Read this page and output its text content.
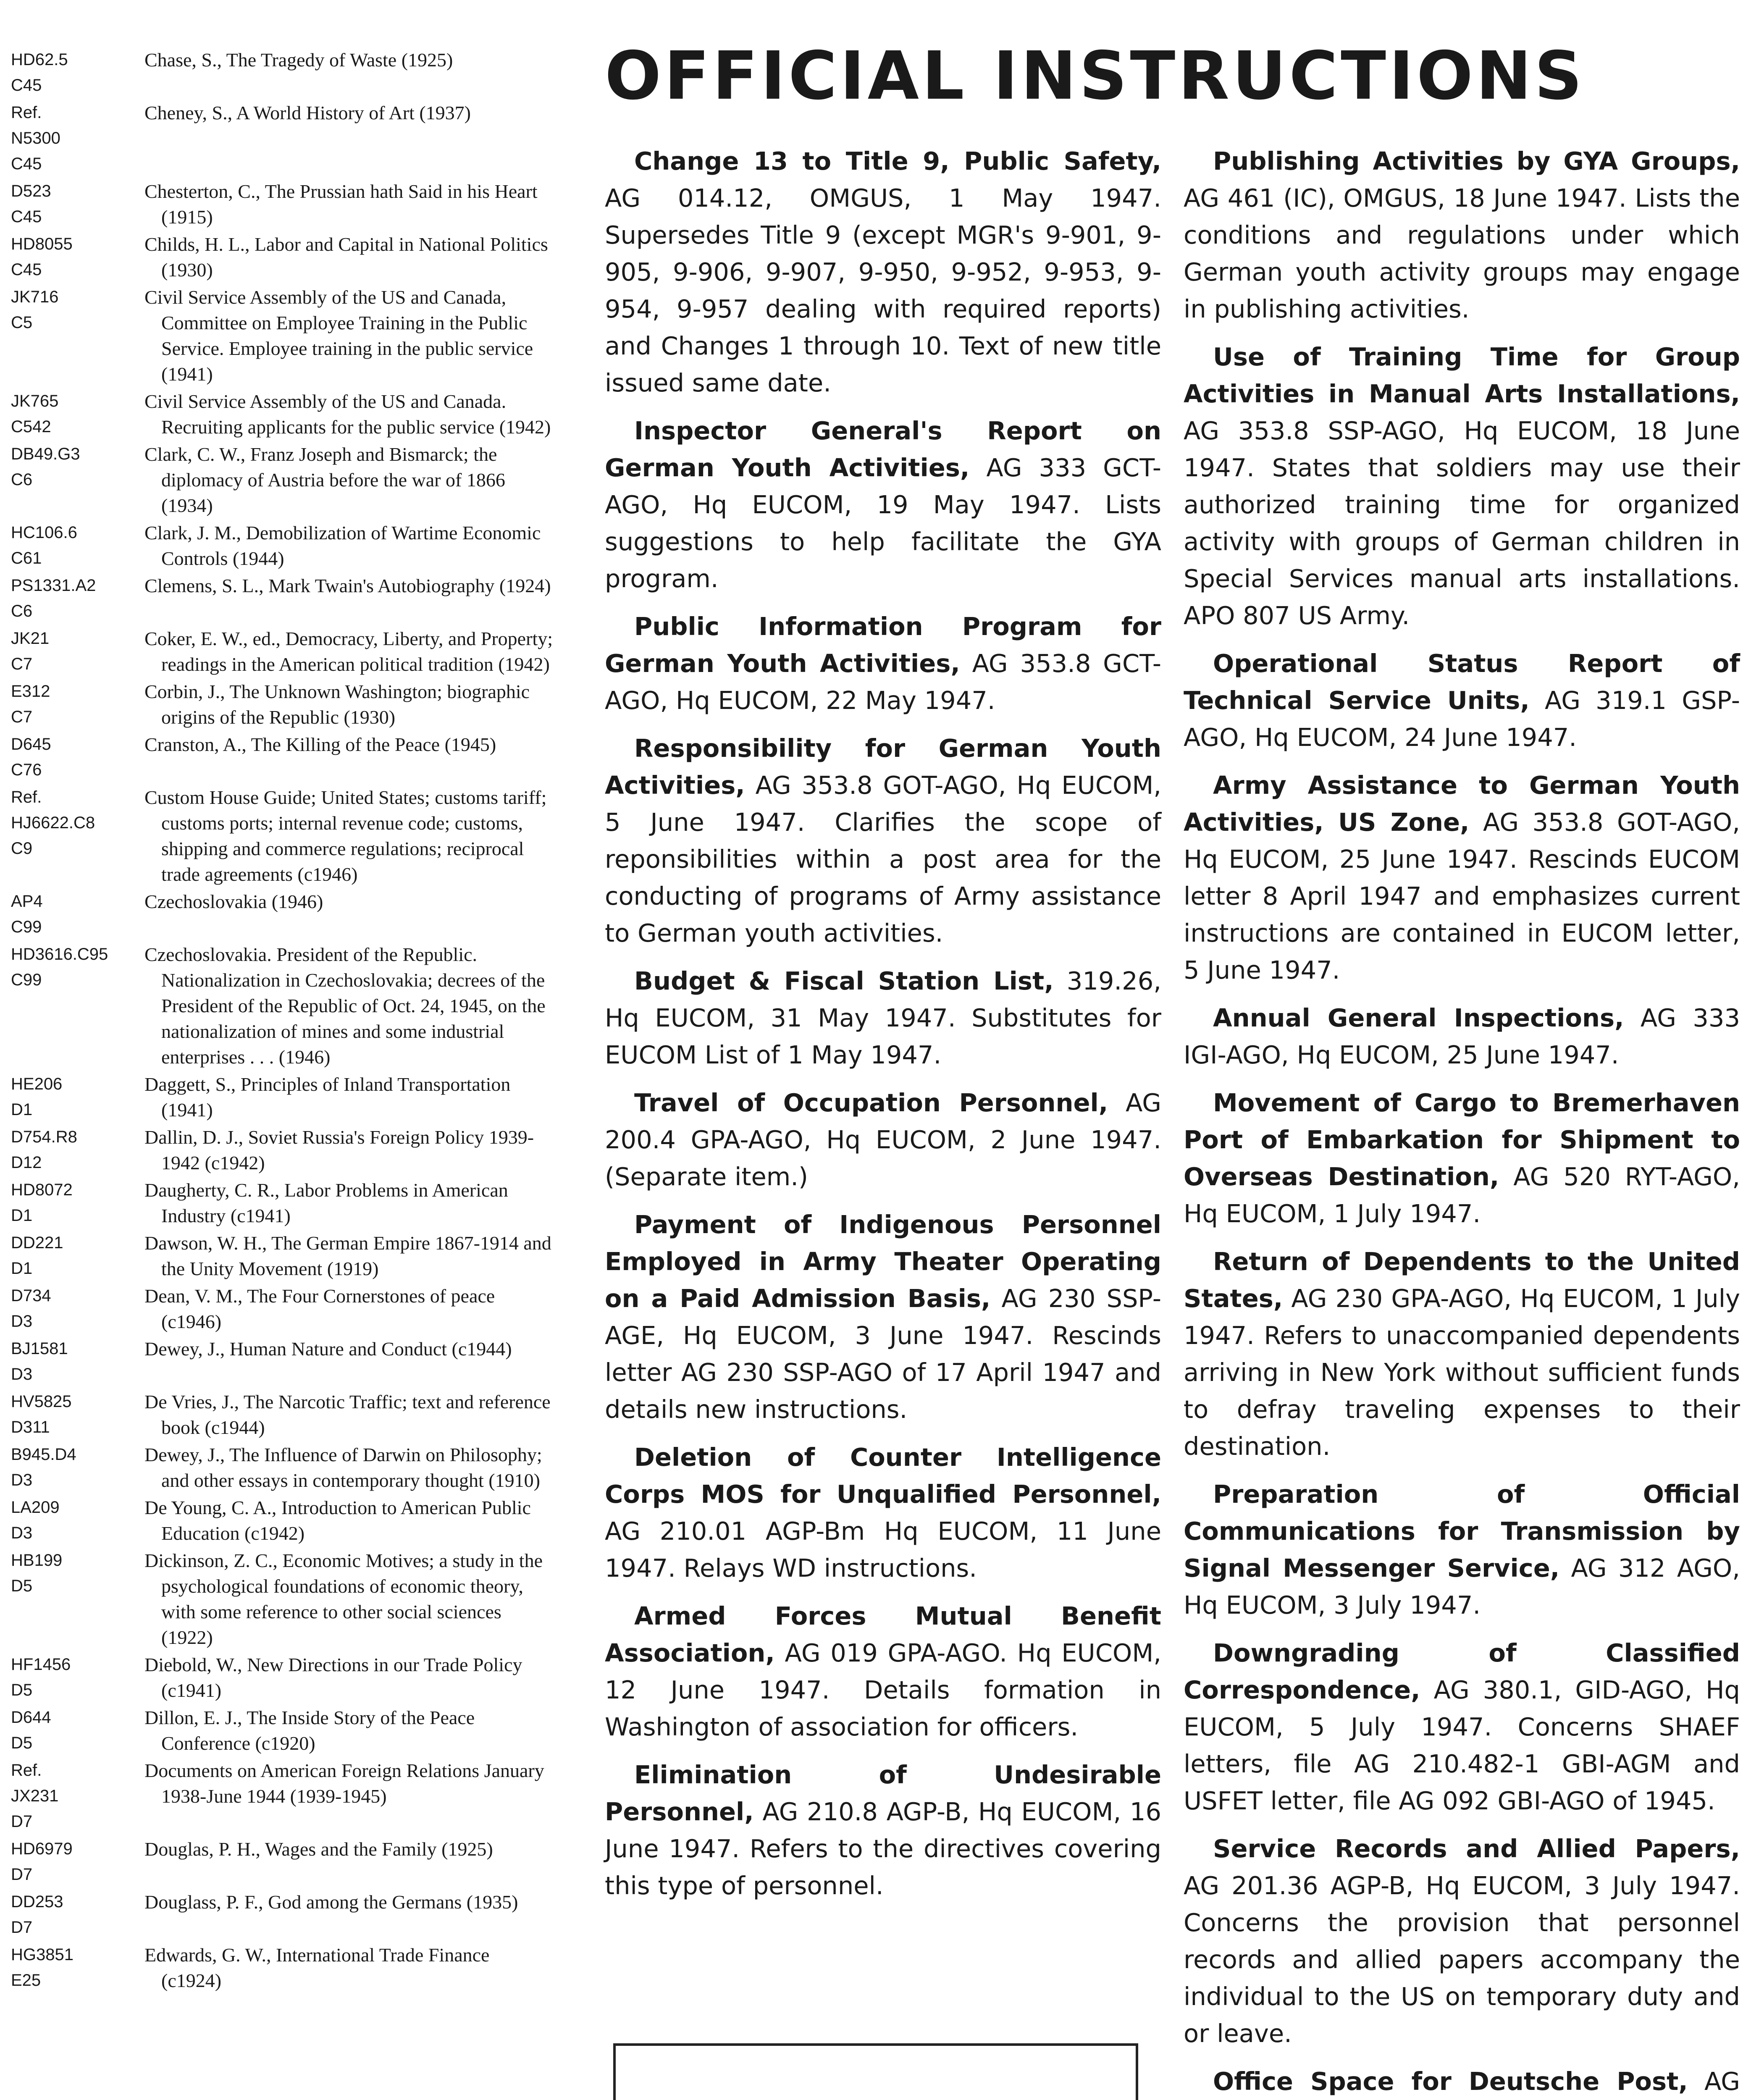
HD62.5
C45
Chase, S., The Tragedy of Waste (1925)
Ref.
N5300
C45
Cheney, S., A World History of Art (1937)
D523
C45
Chesterton, C., The Prussian hath Said in his Heart (1915)
HD8055
C45
Childs, H. L., Labor and Capital in National Politics (1930)
JK716
C5
Civil Service Assembly of the US and Canada, Committee on Employee Training in the Public Service. Employee training in the public service (1941)
JK765
C542
Civil Service Assembly of the US and Canada. Recruiting applicants for the public service (1942)
DB49.G3
C6
Clark, C. W., Franz Joseph and Bismarck; the diplomacy of Austria before the war of 1866 (1934)
HC106.6
C61
Clark, J. M., Demobilization of Wartime Economic Controls (1944)
PS1331.A2
C6
Clemens, S. L., Mark Twain's Autobiography (1924)
JK21
C7
Coker, E. W., ed., Democracy, Liberty, and Property; readings in the American political tradition (1942)
E312
C7
Corbin, J., The Unknown Washington; biographic origins of the Republic (1930)
D645
C76
Cranston, A., The Killing of the Peace (1945)
Ref.
HJ6622.C8
C9
Custom House Guide; United States; customs tariff; customs ports; internal revenue code; customs, shipping and commerce regulations; reciprocal trade agreements (c1946)
AP4
C99
Czechoslovakia (1946)
HD3616.C95
C99
Czechoslovakia. President of the Republic. Nationalization in Czechoslovakia; decrees of the President of the Republic of Oct. 24, 1945, on the nationalization of mines and some industrial enterprises . . . (1946)
HE206
D1
Daggett, S., Principles of Inland Transportation (1941)
D754.R8
D12
Dallin, D. J., Soviet Russia's Foreign Policy 1939-1942 (c1942)
HD8072
D1
Daugherty, C. R., Labor Problems in American Industry (c1941)
DD221
D1
Dawson, W. H., The German Empire 1867-1914 and the Unity Movement (1919)
D734
D3
Dean, V. M., The Four Cornerstones of peace (c1946)
BJ1581
D3
Dewey, J., Human Nature and Conduct (c1944)
HV5825
D311
De Vries, J., The Narcotic Traffic; text and reference book (c1944)
B945.D4
D3
Dewey, J., The Influence of Darwin on Philosophy; and other essays in contemporary thought (1910)
LA209
D3
De Young, C. A., Introduction to American Public Education (c1942)
HB199
D5
Dickinson, Z. C., Economic Motives; a study in the psychological foundations of economic theory, with some reference to other social sciences (1922)
HF1456
D5
Diebold, W., New Directions in our Trade Policy (c1941)
D644
D5
Dillon, E. J., The Inside Story of the Peace Conference (c1920)
Ref.
JX231
D7
Documents on American Foreign Relations January 1938-June 1944 (1939-1945)
HD6979
D7
Douglas, P. H., Wages and the Family (1925)
DD253
D7
Douglass, P. F., God among the Germans (1935)
HG3851
E25
Edwards, G. W., International Trade Finance (c1924)
OFFICIAL INSTRUCTIONS
Change 13 to Title 9, Public Safety, AG 014.12, OMGUS, 1 May 1947. Supersedes Title 9 (except MGR's 9-901, 9-905, 9-906, 9-907, 9-950, 9-952, 9-953, 9-954, 9-957 dealing with required reports) and Changes 1 through 10. Text of new title issued same date.
Inspector General's Report on German Youth Activities, AG 333 GCT-AGO, Hq EUCOM, 19 May 1947. Lists suggestions to help facilitate the GYA program.
Public Information Program for German Youth Activities, AG 353.8 GCT-AGO, Hq EUCOM, 22 May 1947.
Responsibility for German Youth Activities, AG 353.8 GOT-AGO, Hq EUCOM, 5 June 1947. Clarifies the scope of reponsibilities within a post area for the conducting of programs of Army assistance to German youth activities.
Budget & Fiscal Station List, 319.26, Hq EUCOM, 31 May 1947. Substitutes for EUCOM List of 1 May 1947.
Travel of Occupation Personnel, AG 200.4 GPA-AGO, Hq EUCOM, 2 June 1947. (Separate item.)
Payment of Indigenous Personnel Employed in Army Theater Operating on a Paid Admission Basis, AG 230 SSP-AGE, Hq EUCOM, 3 June 1947. Rescinds letter AG 230 SSP-AGO of 17 April 1947 and details new instructions.
Deletion of Counter Intelligence Corps MOS for Unqualified Personnel, AG 210.01 AGP-Bm Hq EUCOM, 11 June 1947. Relays WD instructions.
Armed Forces Mutual Benefit Association, AG 019 GPA-AGO. Hq EUCOM, 12 June 1947. Details formation in Washington of association for officers.
Elimination of Undesirable Personnel, AG 210.8 AGP-B, Hq EUCOM, 16 June 1947. Refers to the directives covering this type of personnel.
Publishing Activities by GYA Groups, AG 461 (IC), OMGUS, 18 June 1947. Lists the conditions and regulations under which German youth activity groups may engage in publishing activities.
Use of Training Time for Group Activities in Manual Arts Installations, AG 353.8 SSP-AGO, Hq EUCOM, 18 June 1947. States that soldiers may use their authorized training time for organized activity with groups of German children in Special Services manual arts installations. APO 807 US Army.
Operational Status Report of Technical Service Units, AG 319.1 GSP-AGO, Hq EUCOM, 24 June 1947.
Army Assistance to German Youth Activities, US Zone, AG 353.8 GOT-AGO, Hq EUCOM, 25 June 1947. Rescinds EUCOM letter 8 April 1947 and emphasizes current instructions are contained in EUCOM letter, 5 June 1947.
Annual General Inspections, AG 333 IGI-AGO, Hq EUCOM, 25 June 1947.
Movement of Cargo to Bremerhaven Port of Embarkation for Shipment to Overseas Destination, AG 520 RYT-AGO, Hq EUCOM, 1 July 1947.
Return of Dependents to the United States, AG 230 GPA-AGO, Hq EUCOM, 1 July 1947. Refers to unaccompanied dependents arriving in New York without sufficient funds to defray traveling expenses to their destination.
Preparation of Official Communications for Transmission by Signal Messenger Service, AG 312 AGO, Hq EUCOM, 3 July 1947.
Downgrading of Classified Correspondence, AG 380.1, GID-AGO, Hq EUCOM, 5 July 1947. Concerns SHAEF letters, file AG 210.482-1 GBI-AGM and USFET letter, file AG 092 GBI-AGO of 1945.
Service Records and Allied Papers, AG 201.36 AGP-B, Hq EUCOM, 3 July 1947. Concerns the provision that personnel records and allied papers accompany the individual to the US on temporary duty and or leave.
Office Space for Deutsche Post, AG
